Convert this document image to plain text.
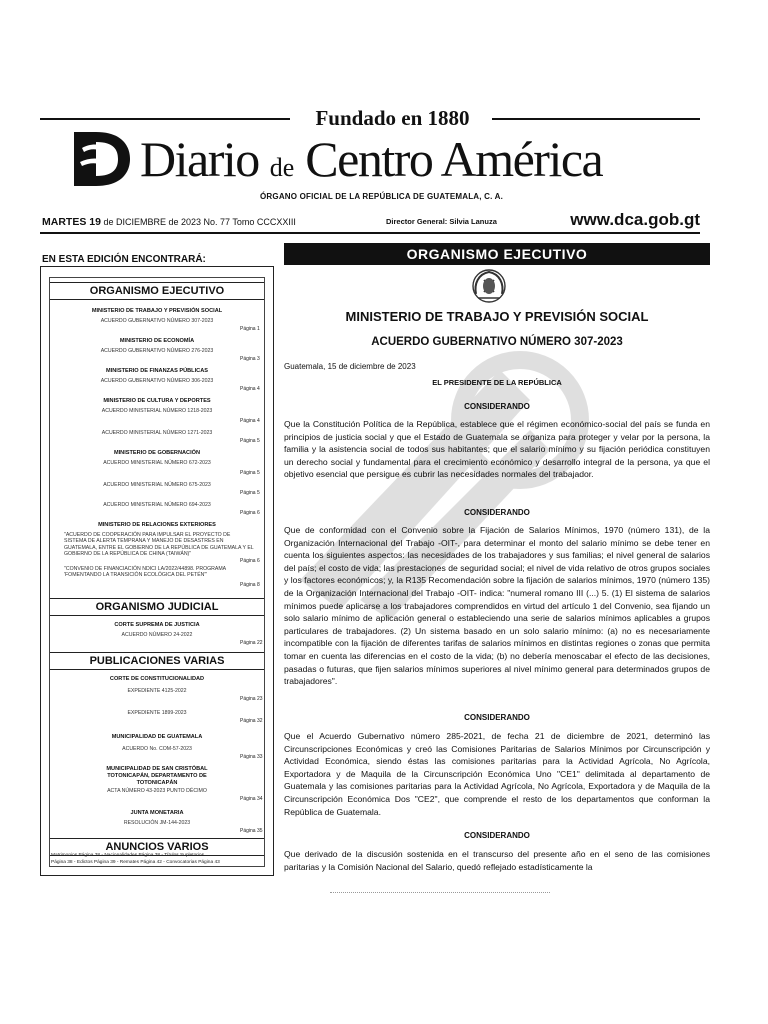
Fundado en 1880
Diario de Centro América
ÓRGANO OFICIAL DE LA REPÚBLICA DE GUATEMALA, C. A.
MARTES 19 de DICIEMBRE de 2023 No. 77 Tomo CCCXXIII	Director General: Silvia Lanuza	www.dca.gob.gt
EN ESTA EDICIÓN ENCONTRARÁ:
ORGANISMO EJECUTIVO
MINISTERIO DE TRABAJO Y PREVISIÓN SOCIAL
ACUERDO GUBERNATIVO NÚMERO 307-2023
Página 1
MINISTERIO DE ECONOMÍA
ACUERDO GUBERNATIVO NÚMERO 276-2023
Página 3
MINISTERIO DE FINANZAS PÚBLICAS
ACUERDO GUBERNATIVO NÚMERO 306-2023
Página 4
MINISTERIO DE CULTURA Y DEPORTES
ACUERDO MINISTERIAL NÚMERO 1218-2023
Página 4
ACUERDO MINISTERIAL NÚMERO 1271-2023
Página 5
MINISTERIO DE GOBERNACIÓN
ACUERDO MINISTERIAL NÚMERO 672-2023
Página 5
ACUERDO MINISTERIAL NÚMERO 675-2023
Página 5
ACUERDO MINISTERIAL NÚMERO 694-2023
Página 6
MINISTERIO DE RELACIONES EXTERIORES
"ACUERDO DE COOPERACIÓN PARA IMPULSAR EL PROYECTO DE SISTEMA DE ALERTA TEMPRANA Y MANEJO DE DESASTRES EN GUATEMALA, ENTRE EL GOBIERNO DE LA REPÚBLICA DE GUATEMALA Y EL GOBIERNO DE LA REPÚBLICA DE CHINA (TAIWÁN)"
Página 6
"CONVENIO DE FINANCIACIÓN NDICI LA/2022/44898. PROGRAMA 'FOMENTANDO LA TRANSICIÓN ECOLÓGICA DEL PETÉN'"
Página 8
ORGANISMO JUDICIAL
CORTE SUPREMA DE JUSTICIA
ACUERDO NÚMERO 24-2022
Página 22
PUBLICACIONES VARIAS
CORTE DE CONSTITUCIONALIDAD
EXPEDIENTE 4125-2022
Página 23
EXPEDIENTE 1899-2023
Página 32
MUNICIPALIDAD DE GUATEMALA
ACUERDO No. COM-57-2023
Página 33
MUNICIPALIDAD DE SAN CRISTÓBAL TOTONICAPÁN, DEPARTAMENTO DE TOTONICAPÁN
ACTA NÚMERO 43-2023 PUNTO DÉCIMO
Página 34
JUNTA MONETARIA
RESOLUCIÓN JM-144-2023
Página 35
ANUNCIOS VARIOS
Matrimonios Página 38 - Nacionalidades Página 38 - Títulos Supletorios
Página 38 - Edictos Página 39 - Remates Página 42 - Convocatorias Página 43
ORGANISMO EJECUTIVO
MINISTERIO DE TRABAJO Y PREVISIÓN SOCIAL
ACUERDO GUBERNATIVO NÚMERO 307-2023
Guatemala, 15 de diciembre de 2023
EL PRESIDENTE DE LA REPÚBLICA
CONSIDERANDO
Que la Constitución Política de la República, establece que el régimen económico-social del país se funda en principios de justicia social y que el Estado de Guatemala se organiza para proteger y velar por la persona, la familia y la asistencia social de todos sus habitantes; que el salario mínimo y su fijación periódica constituyen un derecho social y fundamental para el crecimiento económico y desarrollo integral de la persona, ya que el objetivo esencial que persigue es cubrir las necesidades normales del trabajador.
CONSIDERANDO
Que de conformidad con el Convenio sobre la Fijación de Salarios Mínimos, 1970 (número 131), de la Organización Internacional del Trabajo -OIT-, para determinar el monto del salario mínimo se debe tener en cuenta los siguientes aspectos: las necesidades de los trabajadores y sus familias; el nivel general de salarios del país; el costo de vida; las prestaciones de seguridad social; el nivel de vida relativo de otros grupos sociales y los factores económicos; y, la R135 Recomendación sobre la fijación de salarios mínimos, 1970 (número 135) de la Organización Internacional del Trabajo -OIT- indica: "numeral romano III (...) 5. (1) El sistema de salarios mínimos puede aplicarse a los trabajadores comprendidos en virtud del artículo 1 del Convenio, sea fijando un solo salario mínimo de aplicación general o estableciendo una serie de salarios mínimos aplicables a grupos particulares de trabajadores. (2) Un sistema basado en un solo salario mínimo: (a) no es necesariamente incompatible con la fijación de diferentes tarifas de salarios mínimos en distintas regiones o zonas que permita tomar en cuenta las diferencias en el costo de la vida; (b) no debería menoscabar el efecto de las decisiones, pasadas o futuras, que fijen salarios mínimos superiores al nivel mínimo general para determinados grupos de trabajadores".
CONSIDERANDO
Que el Acuerdo Gubernativo número 285-2021, de fecha 21 de diciembre de 2021, determinó las Circunscripciones Económicas y creó las Comisiones Paritarias de Salarios Mínimos por Circunscripción y Actividad Económica, siendo éstas las comisiones paritarias para la Actividad Agrícola, No Agrícola, Exportadora y de Maquila de la Circunscripción Económica Uno "CE1" delimitada al departamento de Guatemala y las comisiones paritarias para la Actividad Agrícola, No Agrícola, Exportadora y de Maquila de la Circunscripción Económica Dos "CE2", que comprende el resto de los departamentos que conforman la República de Guatemala.
CONSIDERANDO
Que derivado de la discusión sostenida en el transcurso del presente año en el seno de las comisiones paritarias y la Comisión Nacional del Salario, quedó reflejado estadísticamente la
